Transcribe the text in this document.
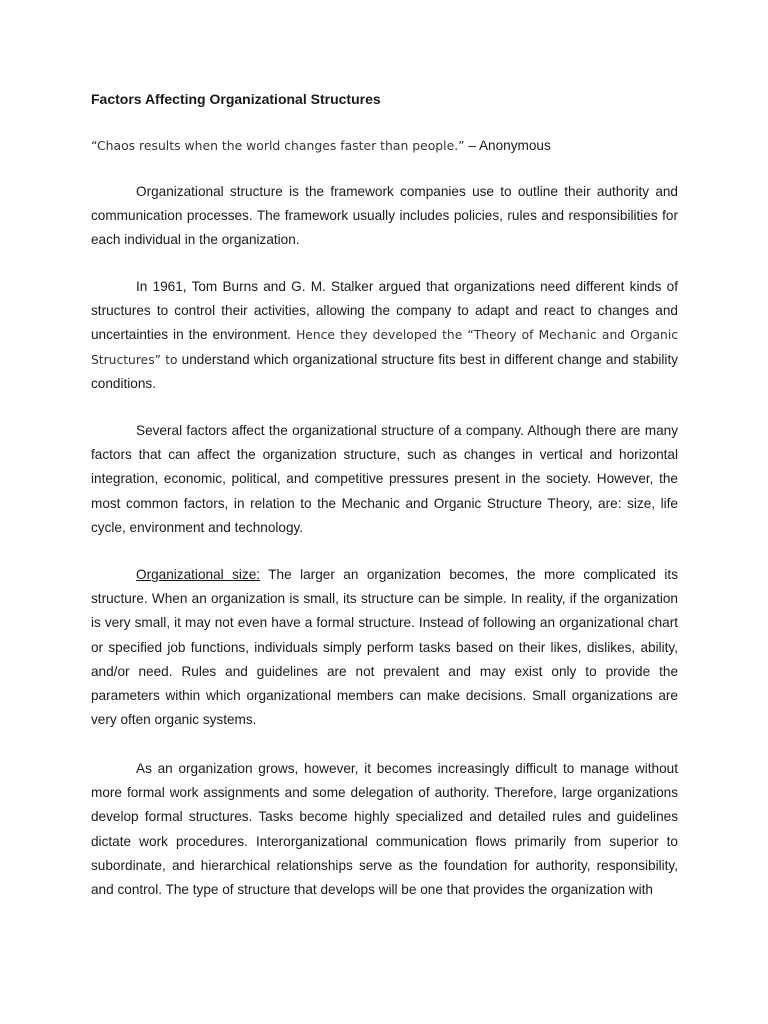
Factors Affecting Organizational Structures
“Chaos results when the world changes faster than people.” – Anonymous

Organizational structure is the framework companies use to outline their authority and communication processes. The framework usually includes policies, rules and responsibilities for each individual in the organization.

In 1961, Tom Burns and G. M. Stalker argued that organizations need different kinds of structures to control their activities, allowing the company to adapt and react to changes and uncertainties in the environment. Hence they developed the “Theory of Mechanic and Organic Structures” to understand which organizational structure fits best in different change and stability conditions.

Several factors affect the organizational structure of a company. Although there are many factors that can affect the organization structure, such as changes in vertical and horizontal integration, economic, political, and competitive pressures present in the society. However, the most common factors, in relation to the Mechanic and Organic Structure Theory, are: size, life cycle, environment and technology.

Organizational size: The larger an organization becomes, the more complicated its structure. When an organization is small, its structure can be simple. In reality, if the organization is very small, it may not even have a formal structure. Instead of following an organizational chart or specified job functions, individuals simply perform tasks based on their likes, dislikes, ability, and/or need. Rules and guidelines are not prevalent and may exist only to provide the parameters within which organizational members can make decisions. Small organizations are very often organic systems.

As an organization grows, however, it becomes increasingly difficult to manage without more formal work assignments and some delegation of authority. Therefore, large organizations develop formal structures. Tasks become highly specialized and detailed rules and guidelines dictate work procedures. Interorganizational communication flows primarily from superior to subordinate, and hierarchical relationships serve as the foundation for authority, responsibility, and control. The type of structure that develops will be one that provides the organization with
